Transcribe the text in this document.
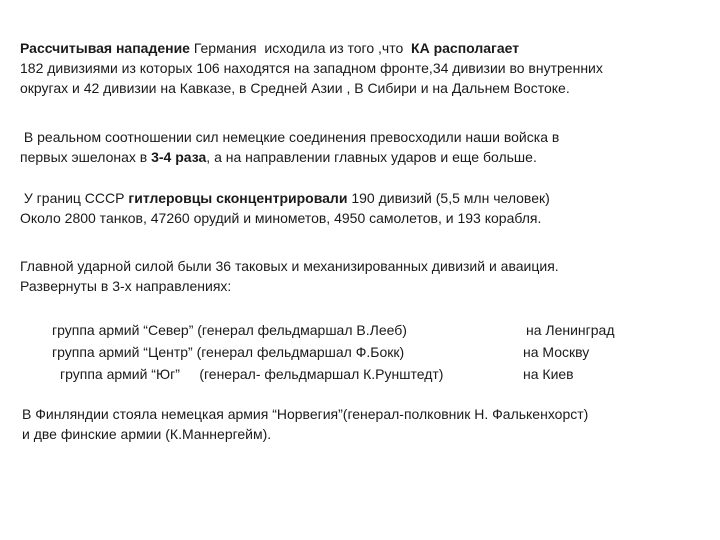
Рассчитывая нападение Германия  исходила из того ,что  КА располагает
182 дивизиями из которых 106 находятся на западном фронте,34 дивизии во внутренних
округах и 42 дивизии на Кавказе, в Средней Азии , В Сибири и на Дальнем Востоке.
В реальном соотношении сил немецкие соединения превосходили наши войска в
первых эшелонах в 3-4 раза, а на направлении главных ударов и еще больше.
У границ СССР гитлеровцы сконцентрировали 190 дивизий (5,5 млн человек)
Около 2800 танков, 47260 орудий и минометов, 4950 самолетов, и 193 корабля.
Главной ударной силой были 36 таковых и механизированных дивизий и аваиция.
Развернуты в 3-х направлениях:
группа армий “Север” (генерал фельдмаршал В.Лееб)	на Ленинград
группа армий “Центр” (генерал фельдмаршал Ф.Бокк)	на Москву
группа армий “Юг”     (генерал- фельдмаршал К.Рунштедт)	на Киев
В Финляндии стояла немецкая армия “Норвегия”(генерал-полковник Н. Фалькенхорст)
и две финские армии (К.Маннергейм).
